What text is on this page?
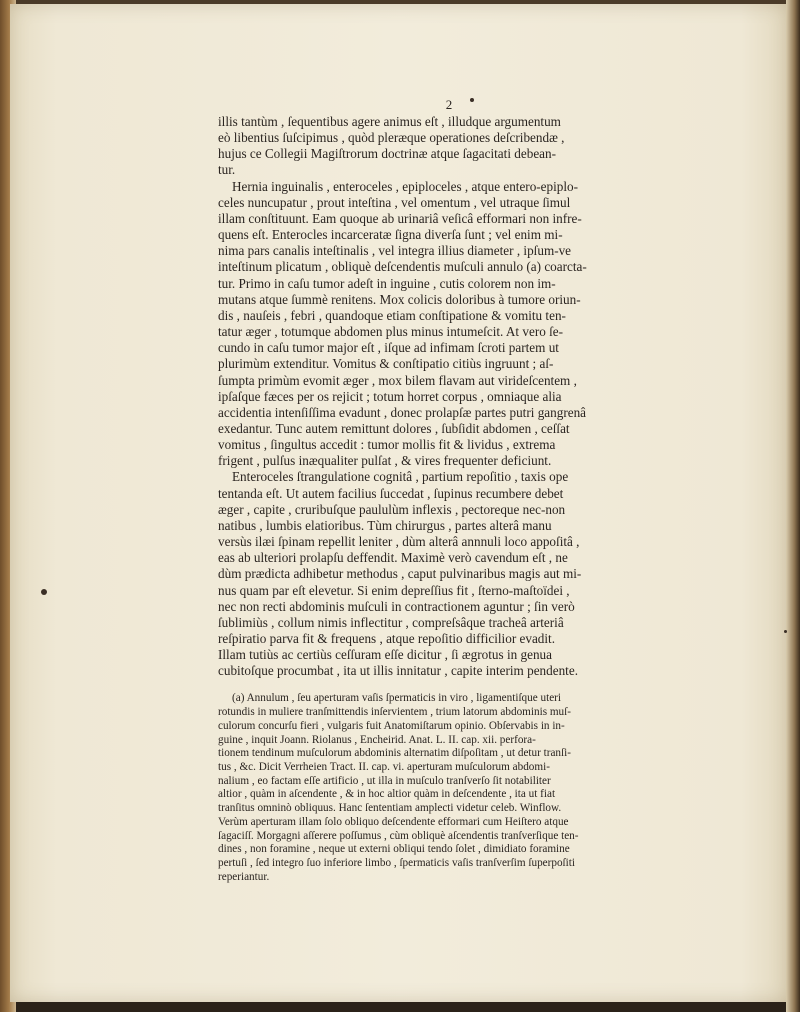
2

illis tantùm , ſequentibus agere animus eſt , illudque argumentum
eò libentius ſuſcipimus , quòd pleræque operationes deſcribendæ ,
hujus ce Collegii Magiſtrorum doctrinæ atque ſagacitati debean-
tur.

Hernia inguinalis , enteroceles , epiploceles , atque entero-epiplo-
celes nuncupatur , prout inteſtina , vel omentum , vel utraque ſimul
illam conſtituunt. Eam quoque ab urinariâ veſicâ efformari non infre-
quens eſt. Enterocles incarceratæ ſigna diverſa ſunt ; vel enim mi-
nima pars canalis inteſtinalis , vel integra illius diameter , ipſum-ve
inteſtinum plicatum , obliquè deſcendentis muſculi annulo (a) coarcta-
tur. Primo in caſu tumor adeſt in inguine , cutis colorem non im-
mutans atque ſummè renitens. Mox colicis doloribus à tumore oriun-
dis , nauſeis , febri , quandoque etiam conſtipatione & vomitu ten-
tatur æger , totumque abdomen plus minus intumeſcit. At vero ſe-
cundo in caſu tumor major eſt , iſque ad infimam ſcroti partem ut
plurimùm extenditur. Vomitus & conſtipatio citiùs ingruunt ; aſ-
ſumpta primùm evomit æger , mox bilem flavam aut virideſcentem ,
ipſaſque fæces per os rejicit ; totum horret corpus , omniaque alia
accidentia intenſiſſima evadunt , donec prolapſæ partes putri gangrenâ
exedantur. Tunc autem remittunt dolores , ſubſidit abdomen , ceſſat
vomitus , ſingultus accedit : tumor mollis fit & lividus , extrema
frigent , pulſus inæqualiter pulſat , & vires frequenter deficiunt.

Enteroceles ſtrangulatione cognitâ , partium repoſitio , taxis ope
tentanda eſt. Ut autem facilius ſuccedat , ſupinus recumbere debet
æger , capite , cruribuſque paululùm inflexis , pectoreque nec-non
natibus , lumbis elatioribus. Tùm chirurgus , partes alterâ manu
versùs ilæi ſpinam repellit leniter , dùm alterâ annnuli loco appoſitâ ,
eas ab ulteriori prolapſu deffendit. Maximè verò cavendum eſt , ne
dùm prædicta adhibetur methodus , caput pulvinaribus magis aut mi-
nus quam par eſt elevetur. Si enim depreſſius fit , ſterno-maſtoïdei ,
nec non recti abdominis muſculi in contractionem aguntur ; ſin verò
ſublimiùs , collum nimis inflectitur , compreſsâque tracheâ arteriâ
reſpiratio parva fit & frequens , atque repoſitio difficilior evadit.
Illam tutiùs ac certiùs ceſſuram eſſe dicitur , ſi ægrotus in genua
cubitoſque procumbat , ita ut illis innitatur , capite interim pendente.

(a) Annulum , ſeu aperturam vaſis ſpermaticis in viro , ligamentiſque uteri
rotundis in muliere tranſmittendis inſervientem , trium latorum abdominis muſ-
culorum concurſu fieri , vulgaris fuit Anatomiſtarum opinio. Obſervabis in in-
guine , inquit Joann. Riolanus , Encheirid. Anat. L. II. cap. xii. perfora-
tionem tendinum muſculorum abdominis alternatim diſpoſitam , ut detur tranſi-
tus , &c. Dicit Verrheien Tract. II. cap. vi. aperturam muſculorum abdomi-
nalium , eo factam eſſe artificio , ut illa in muſculo tranſverſo ſit notabiliter
altior , quàm in aſcendente , & in hoc altior quàm in deſcendente , ita ut fiat
tranſitus omninò obliquus. Hanc ſententiam amplecti videtur celeb. Winflow.
Verùm aperturam illam ſolo obliquo deſcendente efformari cum Heiſtero atque
ſagaciſſ. Morgagni aſſerere poſſumus , cùm obliquè aſcendentis tranſverſique ten-
dines , non foramine , neque ut externi obliqui tendo ſolet , dimidiato foramine
pertuſi , ſed integro ſuo inferiore limbo , ſpermaticis vaſis tranſverſim ſuperpoſiti
reperiantur.
